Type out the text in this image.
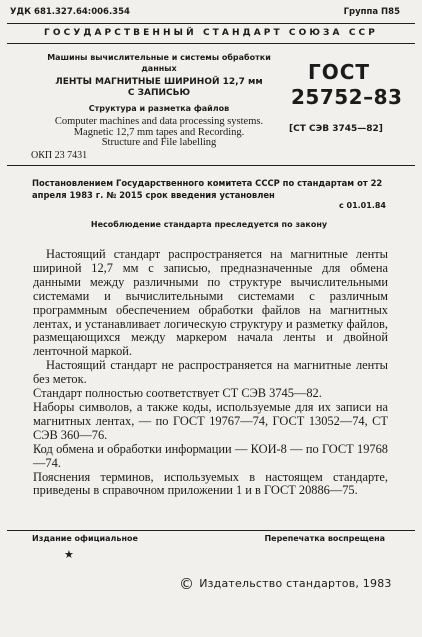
УДК 681.327.64:006.354	Группа П85
ГОСУДАРСТВЕННЫЙ СТАНДАРТ СОЮЗА ССР
Машины вычислительные и системы обработки
данных
ЛЕНТЫ МАГНИТНЫЕ ШИРИНОЙ 12,7 мм
С ЗАПИСЬЮ
Структура и разметка файлов
Computer machines and data processing systems.
Magnetic 12,7 mm tapes and Recording.
Structure and File labelling
ГОСТ
25752–83
[СТ СЭВ 3745—82]
ОКП 23 7431
Постановлением Государственного комитета СССР по стандартам от 22 апреля 1983 г. № 2015 срок введения установлен
с 01.01.84
Несоблюдение стандарта преследуется по закону

Настоящий стандарт распространяется на магнитные ленты шириной 12,7 мм с записью, предназначенные для обмена данными между различными по структуре вычислительными системами и вычислительными системами с различным программным обеспечением обработки файлов на магнитных лентах, и устанавливает логическую структуру и разметку файлов, размещающихся между маркером начала ленты и двойной ленточной маркой.

Настоящий стандарт не распространяется на магнитные ленты без меток.

Стандарт полностью соответствует СТ СЭВ 3745—82.

Наборы символов, а также коды, используемые для их записи на магнитных лентах, — по ГОСТ 19767—74, ГОСТ 13052—74, СТ СЭВ 360—76.

Код обмена и обработки информации — КОИ-8 — по ГОСТ 19768—74.

Пояснения терминов, используемых в настоящем стандарте, приведены в справочном приложении 1 и в ГОСТ 20886—75.

Издание официальное	Перепечатка воспрещена
★
© Издательство стандартов, 1983
